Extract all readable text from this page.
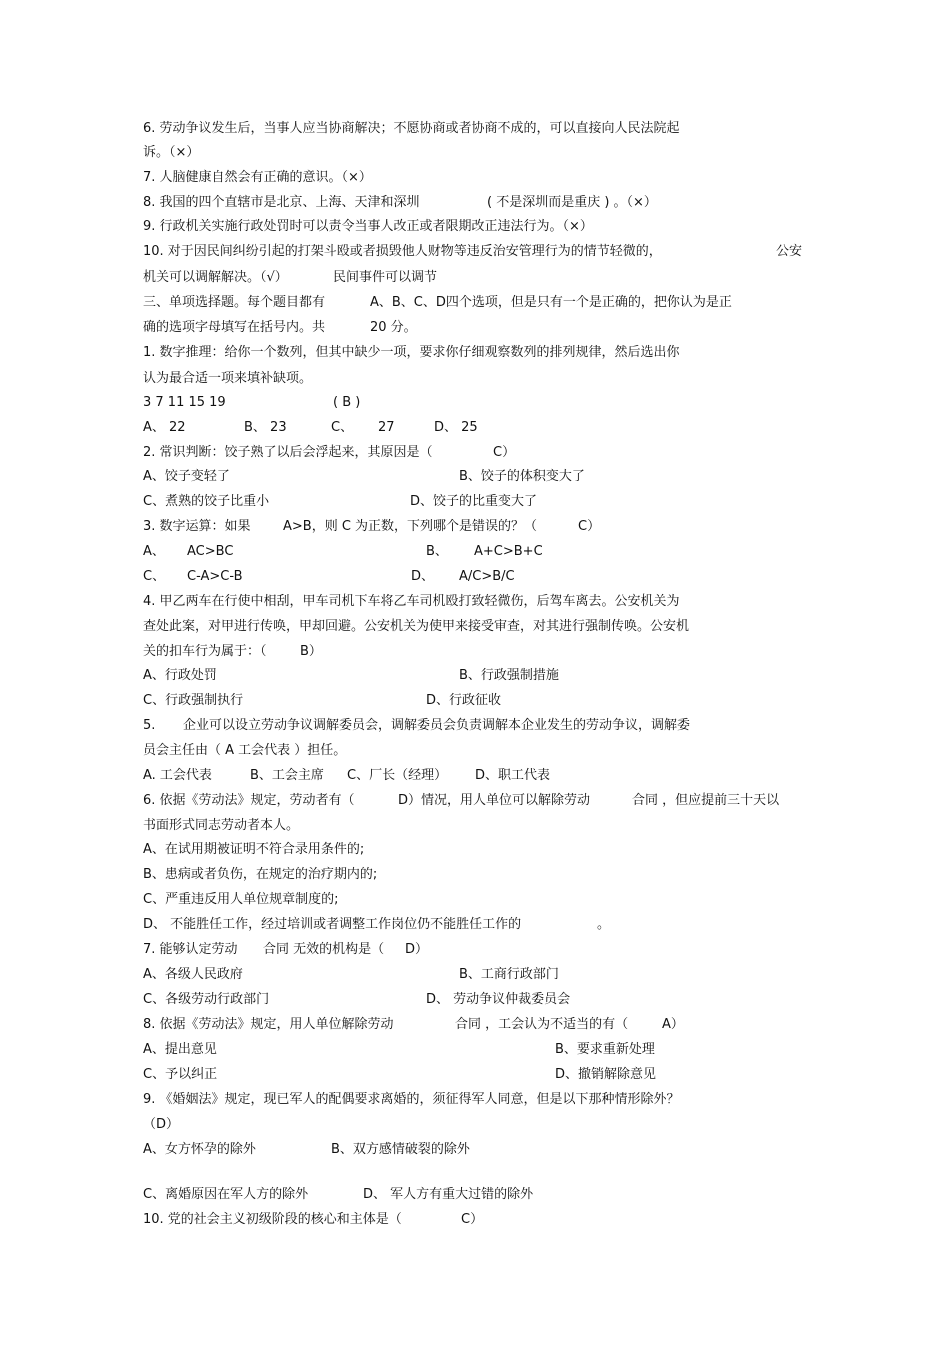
6. 劳动争议发生后，当事人应当协商解决；不愿协商或者协商不成的，可以直接向人民法院起
诉。（×）
7. 人脑健康自然会有正确的意识。（×）
8. 我国的四个直辖市是北京、上海、天津和深圳	( 不是深圳而是重庆 ) 。（×）
9. 行政机关实施行政处罚时可以责令当事人改正或者限期改正违法行为。（×）
10. 对于因民间纠纷引起的打架斗殴或者损毁他人财物等违反治安管理行为的情节轻微的，	公安
机关可以调解解决。（√）	民间事件可以调节
三、单项选择题。每个题目都有	A、B、C、D四个选项，但是只有一个是正确的，把你认为是正
确的选项字母填写在括号内。共	20 分。
1. 数字推理：给你一个数列，但其中缺少一项，要求你仔细观察数列的排列规律，然后选出你
认为最合适一项来填补缺项。
3 7 11 15 19	( B )
A、 22	B、 23	C、 27	D、 25
2. 常识判断：饺子熟了以后会浮起来，其原因是（	C）
A、饺子变轻了	B、饺子的体积变大了
C、煮熟的饺子比重小	D、饺子的比重变大了
3. 数字运算：如果 A>B，则 C 为正数，下列哪个是错误的？（	C）
A、 AC>BC	B、 A+C>B+C
C、 C-A>C-B	D、 A/C>B/C
4. 甲乙两车在行使中相刮，甲车司机下车将乙车司机殴打致轻微伤，后驾车离去。公安机关为
查处此案，对甲进行传唤，甲却回避。公安机关为使甲来接受审查，对其进行强制传唤。公安机
关的扣车行为属于：（	B）
A、行政处罚	B、行政强制措施
C、行政强制执行	D、行政征收
5. 企业可以设立劳动争议调解委员会，调解委员会负责调解本企业发生的劳动争议，调解委
员会主任由（ A 工会代表 ）担任。
A. 工会代表	B、工会主席 C、厂长（经理） D、职工代表
6. 依据《劳动法》规定，劳动者有（	D）情况，用人单位可以解除劳动	合同 ，但应提前三十天以
书面形式同志劳动者本人。
A、在试用期被证明不符合录用条件的;
B、患病或者负伤，在规定的治疗期内的;
C、严重违反用人单位规章制度的;
D、 不能胜任工作，经过培训或者调整工作岗位仍不能胜任工作的	。
7. 能够认定劳动 合同 无效的机构是（ D）
A、各级人民政府	B、工商行政部门
C、各级劳动行政部门	D、 劳动争议仲裁委员会
8. 依据《劳动法》规定，用人单位解除劳动	合同 ，工会认为不适当的有（	A）
A、提出意见	B、要求重新处理
C、予以纠正	D、撤销解除意见
9. 《婚姻法》规定，现已军人的配偶要求离婚的，须征得军人同意，但是以下那种情形除外？
（D）
A、女方怀孕的除外	B、双方感情破裂的除外
C、离婚原因在军人方的除外	D、 军人方有重大过错的除外
10. 党的社会主义初级阶段的核心和主体是（	C）
